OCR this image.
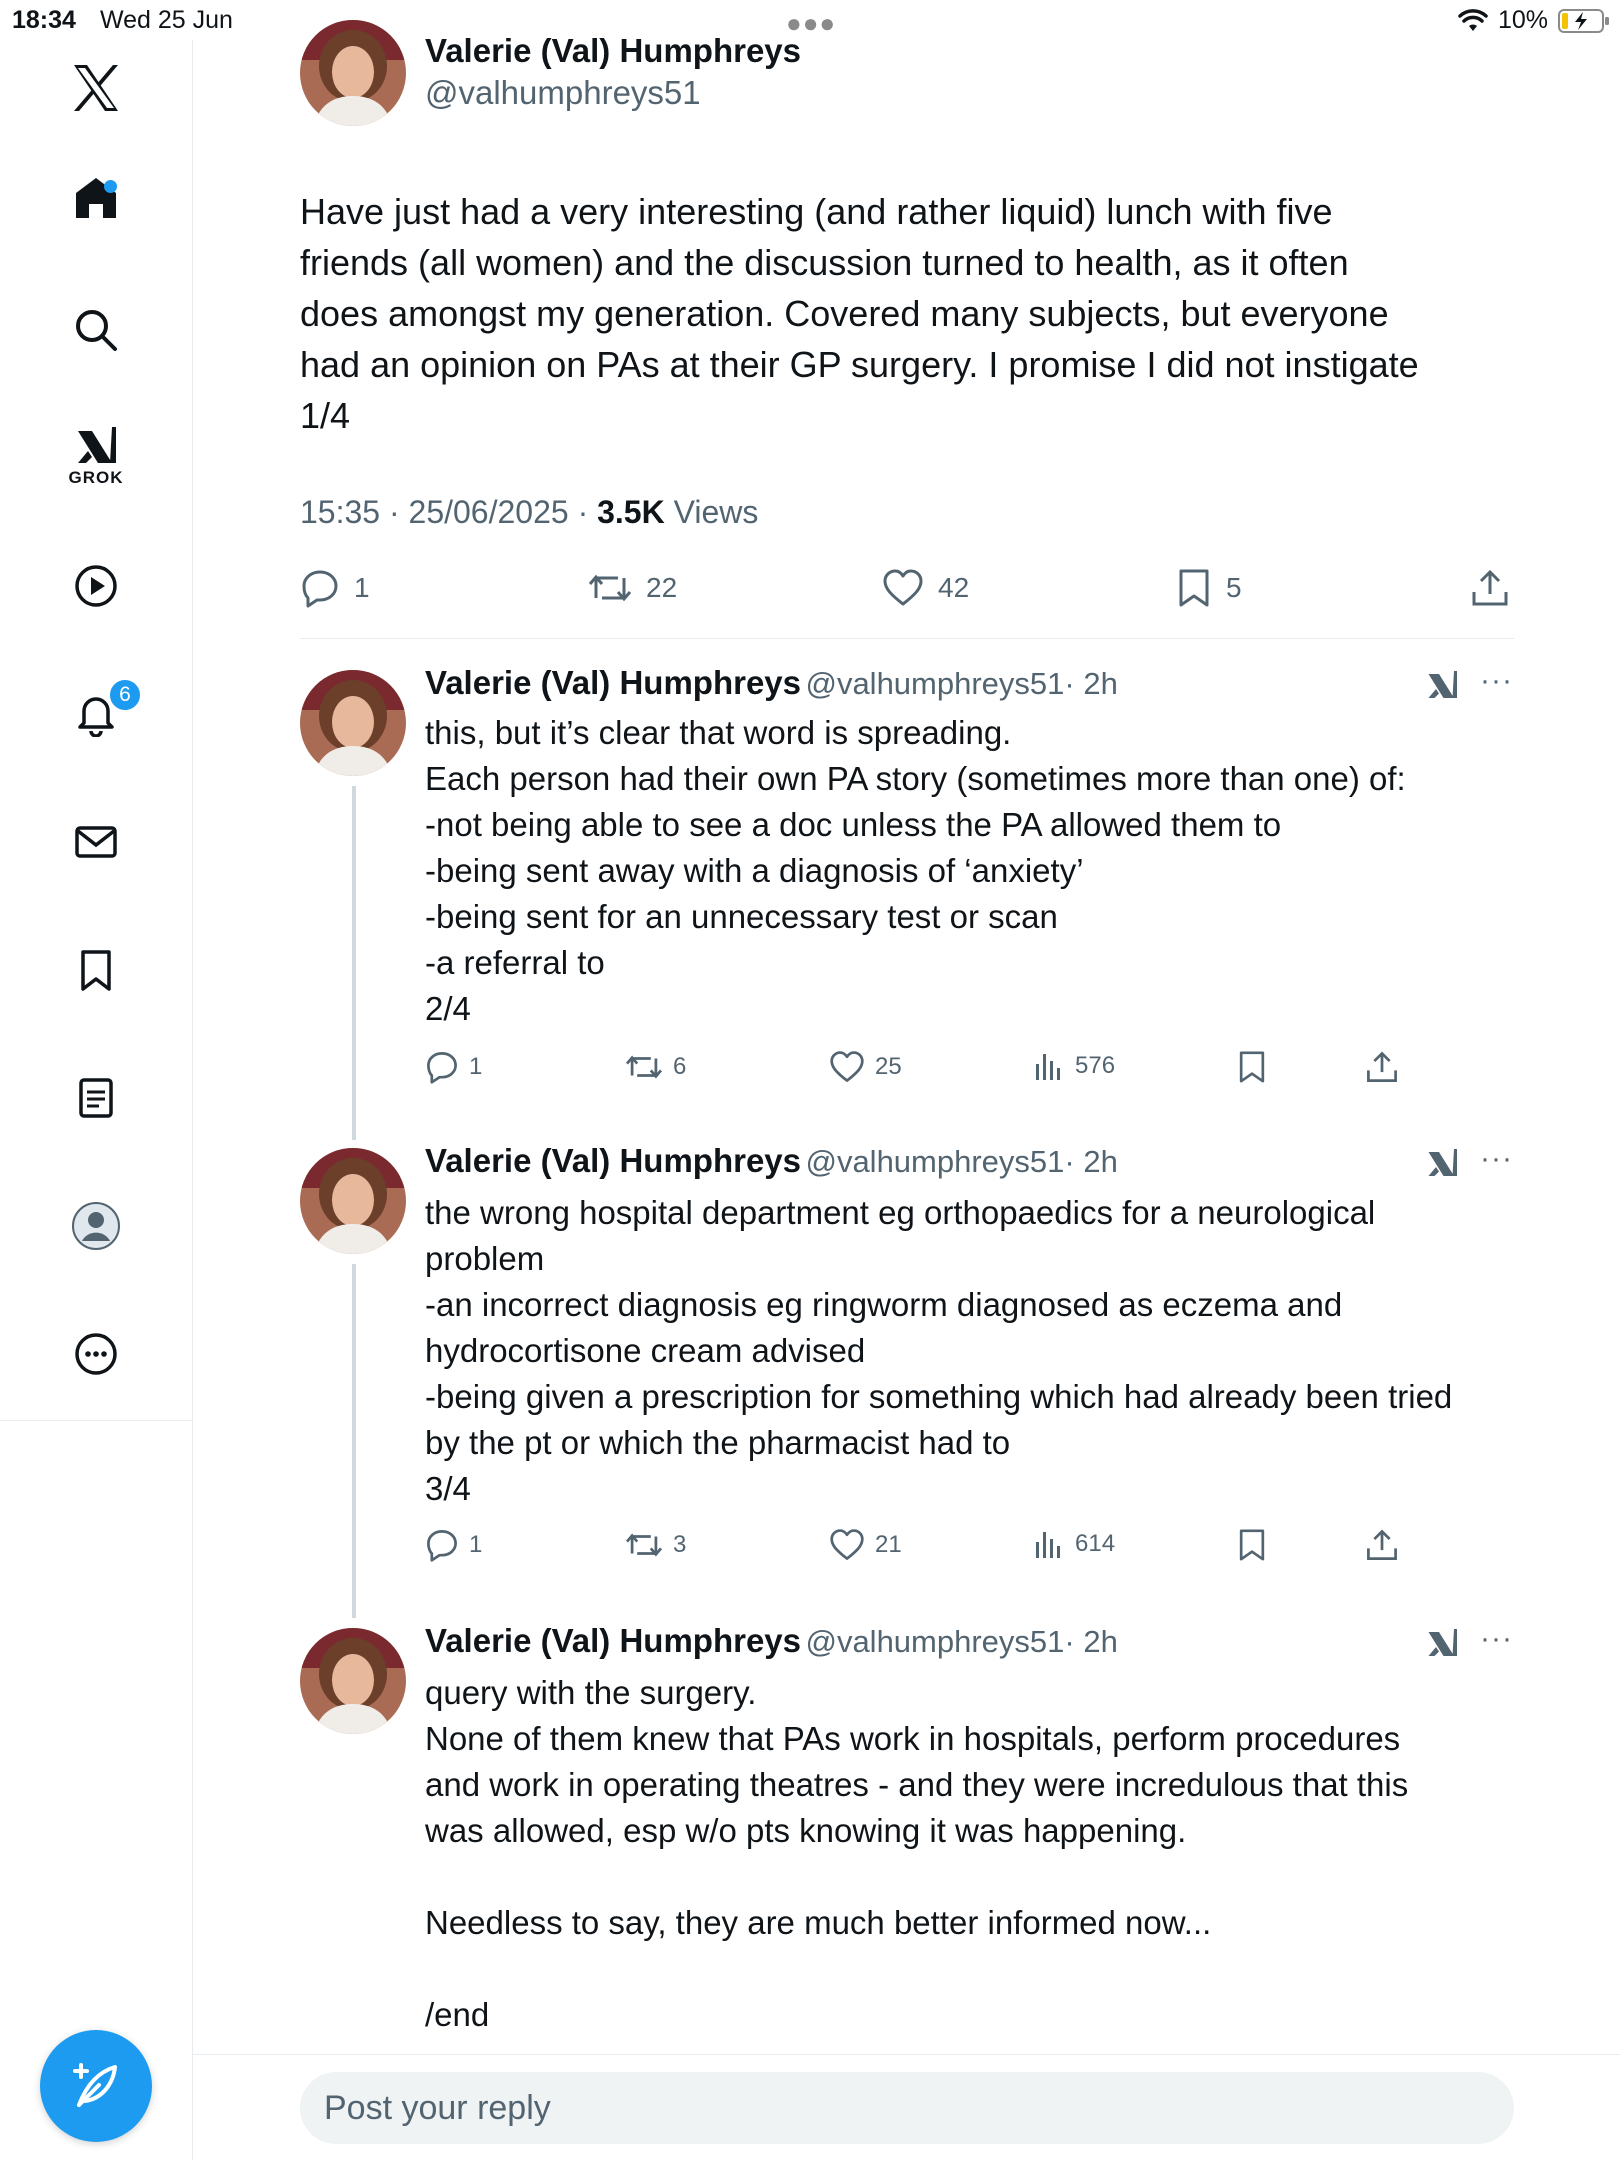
18:34 Wed 25 Jun	●●●	10%
GROK
6
Valerie (Val) Humphreys
@valhumphreys51
Have just had a very interesting (and rather liquid) lunch with five
friends (all women) and the discussion turned to health, as it often
does amongst my generation. Covered many subjects, but everyone
had an opinion on PAs at their GP surgery. I promise I did not instigate
1/4
15:35 · 25/06/2025 · 3.5K Views
1	22	42	5
Valerie (Val) Humphreys @valhumphreys51· 2h	···
this, but it’s clear that word is spreading.
Each person had their own PA story (sometimes more than one) of:
-not being able to see a doc unless the PA allowed them to
-being sent away with a diagnosis of ‘anxiety’
-being sent for an unnecessary test or scan
-a referral to
2/4
1	6	25	576
Valerie (Val) Humphreys @valhumphreys51· 2h	···
the wrong hospital department eg orthopaedics for a neurological
problem
-an incorrect diagnosis eg ringworm diagnosed as eczema and
hydrocortisone cream advised
-being given a prescription for something which had already been tried
by the pt or which the pharmacist had to
3/4
1	3	21	614
Valerie (Val) Humphreys @valhumphreys51· 2h	···
query with the surgery.
None of them knew that PAs work in hospitals, perform procedures
and work in operating theatres - and they were incredulous that this
was allowed, esp w/o pts knowing it was happening.

Needless to say, they are much better informed now...

/end
Post your reply
